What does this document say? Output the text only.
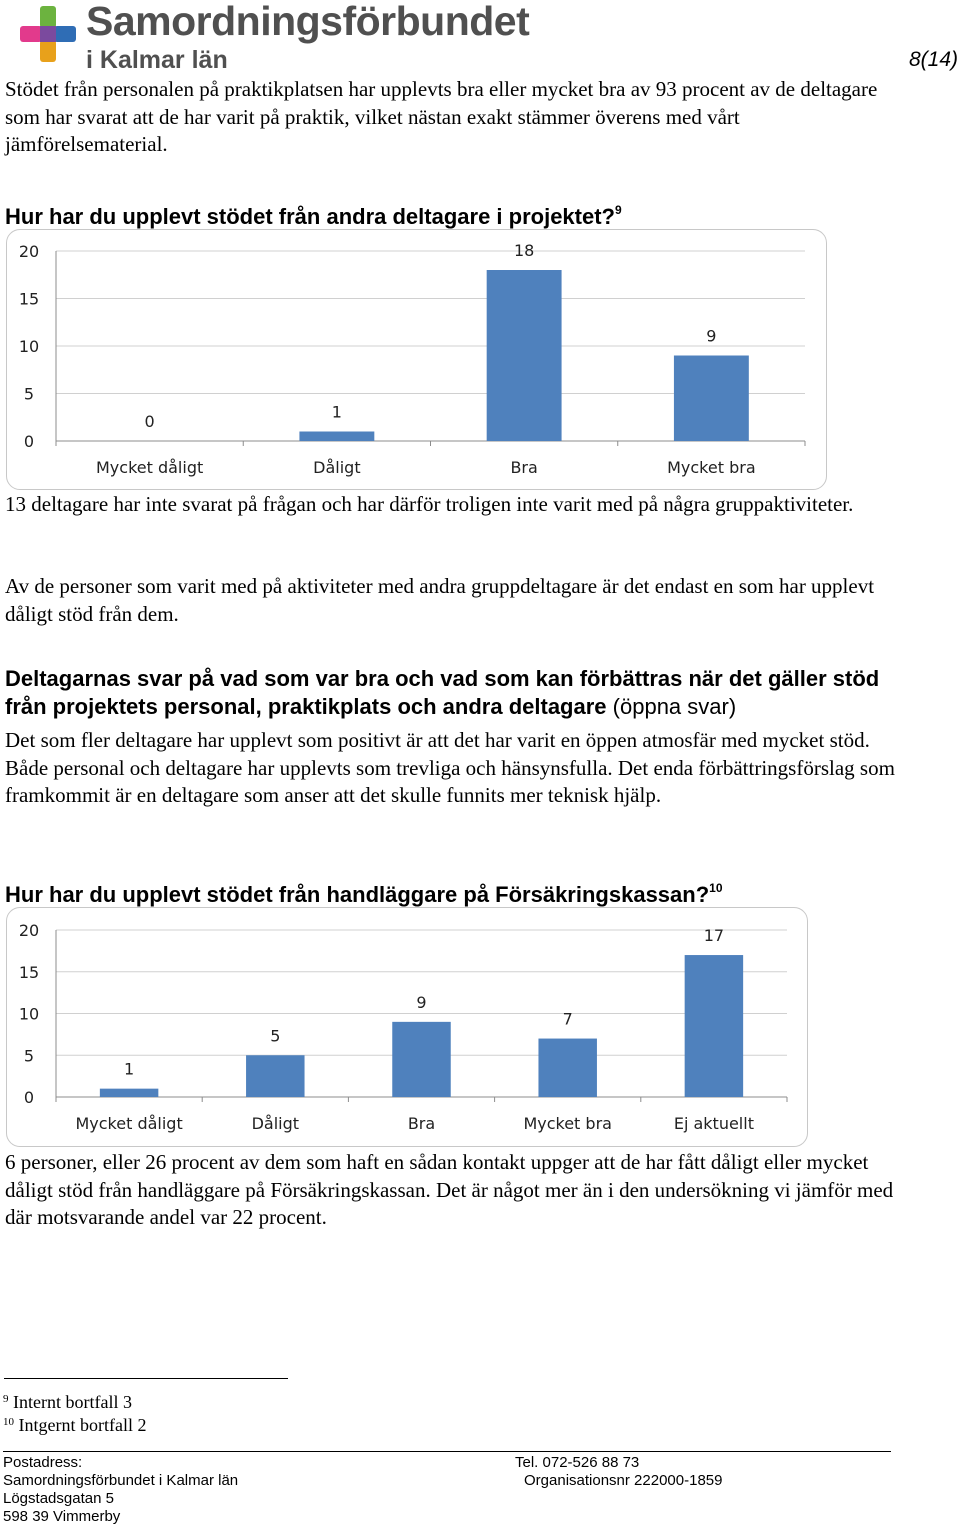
Samordningsförbundet
i Kalmar län	8(14)
Stödet från personalen på praktikplatsen har upplevts bra eller mycket bra av 93 procent av de deltagare som har svarat att de har varit på praktik, vilket nästan exakt stämmer överens med vårt jämförelsematerial.
Hur har du upplevt stödet från andra deltagare i projektet?$^9$
0
5
10
15
20
0
Mycket dåligt
1
Dåligt
18
Bra
9
Mycket bra
13 deltagare har inte svarat på frågan och har därför troligen inte varit med på några gruppaktiviteter.
Av de personer som varit med på aktiviteter med andra gruppdeltagare är det endast en som har upplevt dåligt stöd från dem.
Deltagarnas svar på vad som var bra och vad som kan förbättras när det gäller stöd från projektets personal, praktikplats och andra deltagare (öppna svar)
Det som fler deltagare har upplevt som positivt är att det har varit en öppen atmosfär med mycket stöd. Både personal och deltagare har upplevts som trevliga och hänsynsfulla. Det enda förbättringsförslag som framkommit är en deltagare som anser att det skulle funnits mer teknisk hjälp.
Hur har du upplevt stödet från handläggare på Försäkringskassan?$^{10}$
0
5
10
15
20
1
Mycket dåligt
5
Dåligt
9
Bra
7
Mycket bra
17
Ej aktuellt
6 personer, eller 26 procent av dem som haft en sådan kontakt uppger att de har fått dåligt eller mycket dåligt stöd från handläggare på Försäkringskassan. Det är något mer än i den undersökning vi jämför med där motsvarande andel var 22 procent.
$^9$ Internt bortfall 3
$^{10}$ Intgernt bortfall 2
Postadress:
Samordningsförbundet i Kalmar län
Lögstadsgatan 5
598 39 Vimmerby
Tel. 072-526 88 73
Organisationsnr 222000-1859
